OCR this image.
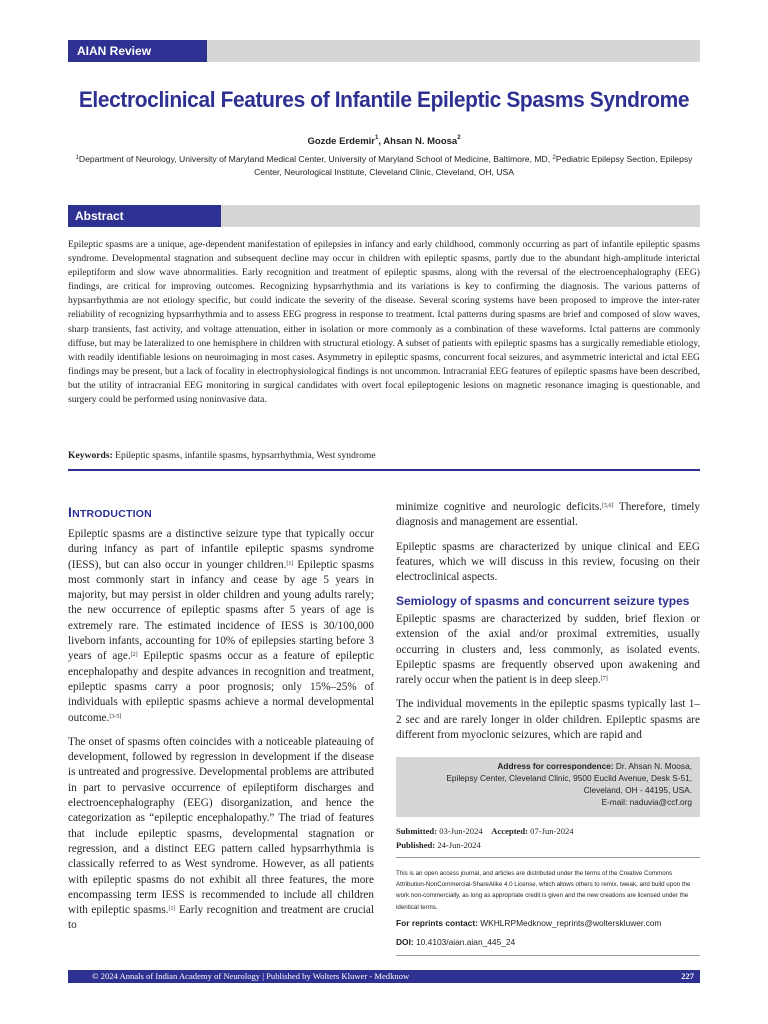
AIAN Review
Electroclinical Features of Infantile Epileptic Spasms Syndrome
Gozde Erdemir$^1$, Ahsan N. Moosa$^2$
$^1$Department of Neurology, University of Maryland Medical Center, University of Maryland School of Medicine, Baltimore, MD, $^2$Pediatric Epilepsy Section, Epilepsy Center, Neurological Institute, Cleveland Clinic, Cleveland, OH, USA
Abstract
Epileptic spasms are a unique, age-dependent manifestation of epilepsies in infancy and early childhood, commonly occurring as part of infantile epileptic spasms syndrome. Developmental stagnation and subsequent decline may occur in children with epileptic spasms, partly due to the abundant high-amplitude interictal epileptiform and slow wave abnormalities. Early recognition and treatment of epileptic spasms, along with the reversal of the electroencephalography (EEG) findings, are critical for improving outcomes. Recognizing hypsarrhythmia and its variations is key to confirming the diagnosis. The various patterns of hypsarrhythmia are not etiology specific, but could indicate the severity of the disease. Several scoring systems have been proposed to improve the inter-rater reliability of recognizing hypsarrhythmia and to assess EEG progress in response to treatment. Ictal patterns during spasms are brief and composed of slow waves, sharp transients, fast activity, and voltage attenuation, either in isolation or more commonly as a combination of these waveforms. Ictal patterns are commonly diffuse, but may be lateralized to one hemisphere in children with structural etiology. A subset of patients with epileptic spasms has a surgically remediable etiology, with readily identifiable lesions on neuroimaging in most cases. Asymmetry in epileptic spasms, concurrent focal seizures, and asymmetric interictal and ictal EEG findings may be present, but a lack of focality in electrophysiological findings is not uncommon. Intracranial EEG features of epileptic spasms have been described, but the utility of intracranial EEG monitoring in surgical candidates with overt focal epileptogenic lesions on magnetic resonance imaging is questionable, and surgery could be performed using noninvasive data.
Keywords: Epileptic spasms, infantile spasms, hypsarrhythmia, West syndrome
INTRODUCTION

Epileptic spasms are a distinctive seizure type that typically occur during infancy as part of infantile epileptic spasms syndrome (IESS), but can also occur in younger children.[1] Epileptic spasms most commonly start in infancy and cease by age 5 years in majority, but may persist in older children and young adults rarely; the new occurrence of epileptic spasms after 5 years of age is extremely rare. The estimated incidence of IESS is 30/100,000 liveborn infants, accounting for 10% of epilepsies starting before 3 years of age.[2] Epileptic spasms occur as a feature of epileptic encephalopathy and despite advances in recognition and treatment, epileptic spasms carry a poor prognosis; only 15%–25% of individuals with epileptic spasms achieve a normal developmental outcome.[3-5]

The onset of spasms often coincides with a noticeable plateauing of development, followed by regression in development if the disease is untreated and progressive. Developmental problems are attributed in part to pervasive occurrence of epileptiform discharges and electroencephalography (EEG) disorganization, and hence the categorization as “epileptic encephalopathy.” The triad of features that include epileptic spasms, developmental stagnation or regression, and a distinct EEG pattern called hypsarrhythmia is classically referred to as West syndrome. However, as all patients with epileptic spasms do not exhibit all three features, the more encompassing term IESS is recommended to include all children with epileptic spasms.[1] Early recognition and treatment are crucial to

minimize cognitive and neurologic deficits.[5,6] Therefore, timely diagnosis and management are essential.

Epileptic spasms are characterized by unique clinical and EEG features, which we will discuss in this review, focusing on their electroclinical aspects.

Semiology of spasms and concurrent seizure types

Epileptic spasms are characterized by sudden, brief flexion or extension of the axial and/or proximal extremities, usually occurring in clusters and, less commonly, as isolated events. Epileptic spasms are frequently observed upon awakening and rarely occur when the patient is in deep sleep.[7]

The individual movements in the epileptic spasms typically last 1–2 sec and are rarely longer in older children. Epileptic spasms are different from myoclonic seizures, which are rapid and

Address for correspondence: Dr. Ahsan N. Moosa,
Epilepsy Center, Cleveland Clinic, 9500 Euclid Avenue, Desk S-51,
Cleveland, OH - 44195, USA.
E-mail: naduvia@ccf.org
Submitted: 03-Jun-2024 Accepted: 07-Jun-2024
Published: 24-Jun-2024
This is an open access journal, and articles are distributed under the terms of the Creative Commons Attribution-NonCommercial-ShareAlike 4.0 License, which allows others to remix, tweak, and build upon the work non-commercially, as long as appropriate credit is given and the new creations are licensed under the identical terms.
For reprints contact: WKHLRPMedknow_reprints@wolterskluwer.com
DOI: 10.4103/aian.aian_445_24
© 2024 Annals of Indian Academy of Neurology | Published by Wolters Kluwer - Medknow	227
